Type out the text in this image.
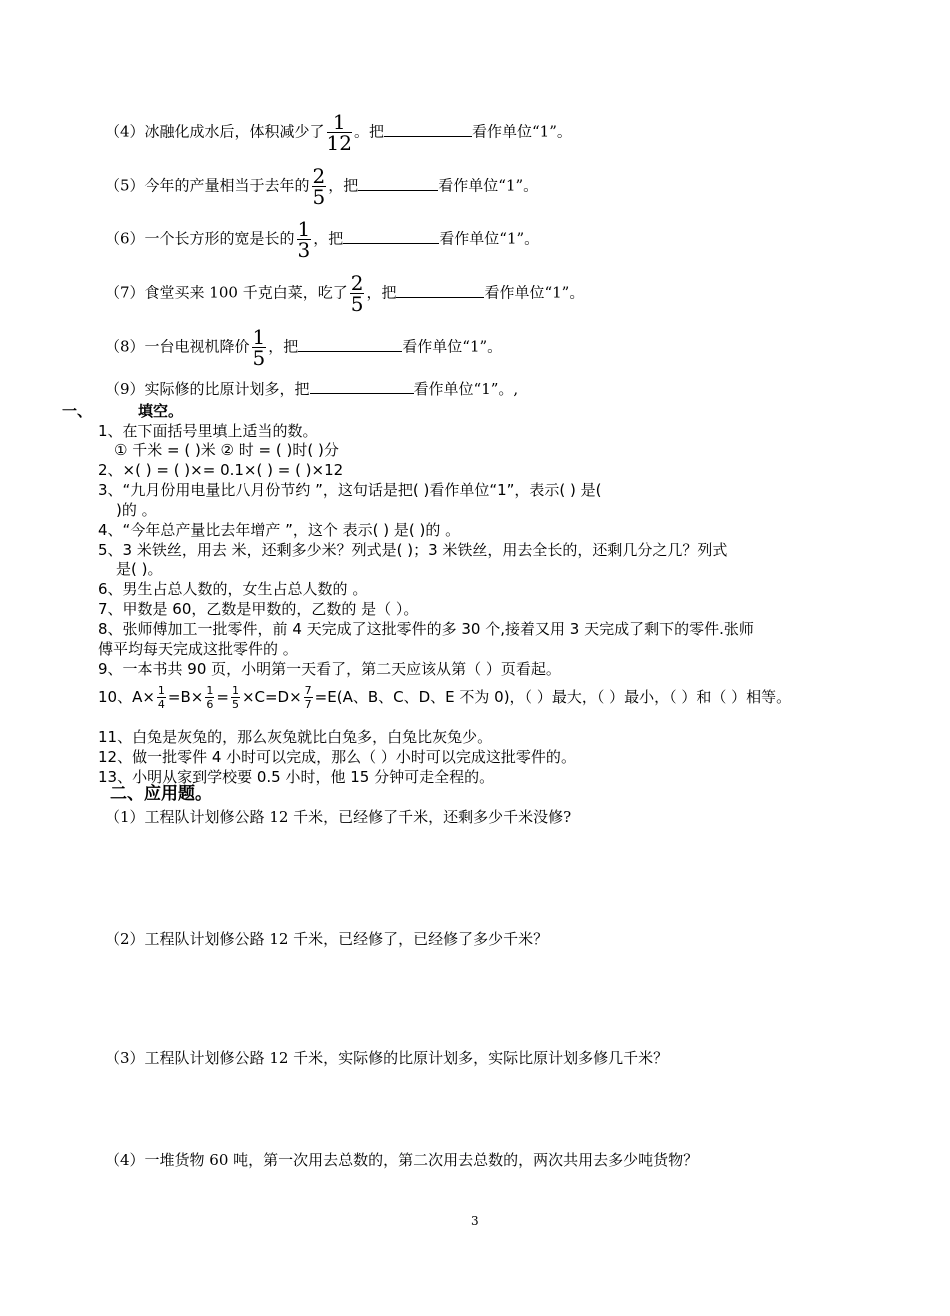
（4）冰融化成水后，体积减少了 $\frac{1}{12}$ 。把	看作单位“1”。
（5）今年的产量相当于去年的 $\frac{2}{5}$ ，把	看作单位“1”。
（6）一个长方形的宽是长的 $\frac{1}{3}$ ，把	看作单位“1”。
（7）食堂买来 100 千克白菜，吃了 $\frac{2}{5}$ ，把	看作单位“1”。
（8）一台电视机降价 $\frac{1}{5}$ ，把	看作单位“1”。
（9）实际修的比原计划多，把	看作单位“1”。,
一、	填空。
1、在下面括号里填上适当的数。
① 千米 = ( )米 ② 时 = ( )时( )分
2、×( ) = ( )×= 0.1×( ) = ( )×12
3、“九月份用电量比八月份节约 ”，这句话是把( )看作单位“1”，表示( ) 是(
)的 。
4、“今年总产量比去年增产 ”，这个 表示( ) 是( )的 。
5、3 米铁丝，用去 米，还剩多少米？列式是( )；3 米铁丝，用去全长的，还剩几分之几？列式
是( )。
6、男生占总人数的，女生占总人数的 。
7、甲数是 60，乙数是甲数的，乙数的 是（ ）。
8、张师傅加工一批零件，前 4 天完成了这批零件的多 30 个,接着又用 3 天完成了剩下的零件.张师
傅平均每天完成这批零件的 。
9、一本书共 90 页，小明第一天看了，第二天应该从第（ ）页看起。
10、$A\times \frac{1}{4} =B\times \frac{1}{6} = \frac{1}{5} \times C=D\times \frac{7}{7} =E(A$、B、C、D、E 不为 0)，（ ）最大，（ ）最小，（ ）和（ ）相等。
11、白兔是灰兔的，那么灰兔就比白兔多，白兔比灰兔少。
12、做一批零件 4 小时可以完成，那么（ ）小时可以完成这批零件的。
13、小明从家到学校要 0.5 小时，他 15 分钟可走全程的。
二、应用题。
（1）工程队计划修公路 12 千米，已经修了千米，还剩多少千米没修?
（2）工程队计划修公路 12 千米，已经修了，已经修了多少千米？
（3）工程队计划修公路 12 千米，实际修的比原计划多，实际比原计划多修几千米？
（4）一堆货物 60 吨，第一次用去总数的，第二次用去总数的，两次共用去多少吨货物？
3
